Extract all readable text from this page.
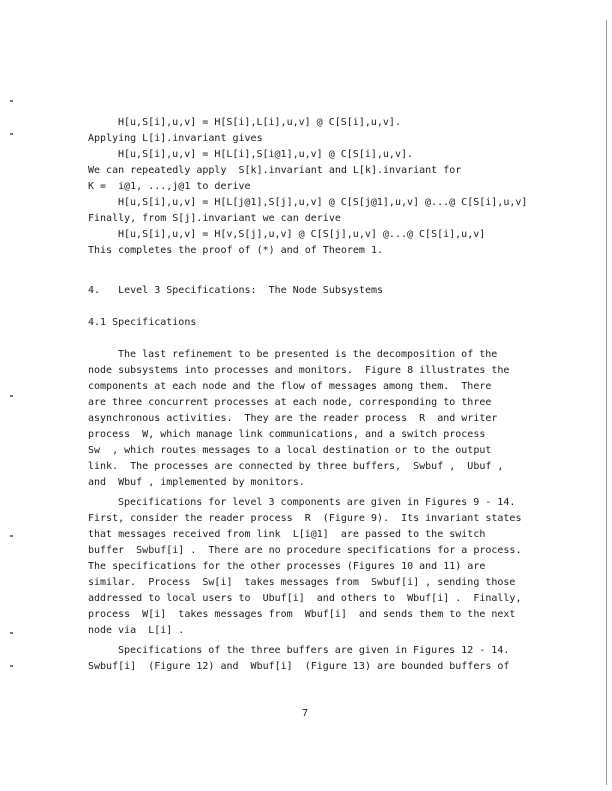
H[u,S[i],u,v] = H[S[i],L[i],u,v] @ C[S[i],u,v].

Applying L[i].invariant gives

H[u,S[i],u,v] = H[L[i],S[i@1],u,v] @ C[S[i],u,v].

We can repeatedly apply  S[k].invariant and L[k].invariant for

K =  i@1, ...,j@1 to derive

H[u,S[i],u,v] = H[L[j@1],S[j],u,v] @ C[S[j@1],u,v] @...@ C[S[i],u,v]

Finally, from S[j].invariant we can derive

H[u,S[i],u,v] = H[v,S[j],u,v] @ C[S[j],u,v] @...@ C[S[i],u,v]

This completes the proof of (*) and of Theorem 1.

4.   Level 3 Specifications:  The Node Subsystems

4.1 Specifications

The last refinement to be presented is the decomposition of the

node subsystems into processes and monitors.  Figure 8 illustrates the

components at each node and the flow of messages among them.  There

are three concurrent processes at each node, corresponding to three

asynchronous activities.  They are the reader process  R  and writer

process  W, which manage link communications, and a switch process

Sw  , which routes messages to a local destination or to the output

link.  The processes are connected by three buffers,  Swbuf ,  Ubuf ,

and  Wbuf , implemented by monitors.

Specifications for level 3 components are given in Figures 9 - 14.

First, consider the reader process  R  (Figure 9).  Its invariant states

that messages received from link  L[i@1]  are passed to the switch

buffer  Swbuf[i] .  There are no procedure specifications for a process.

The specifications for the other processes (Figures 10 and 11) are

similar.  Process  Sw[i]  takes messages from  Swbuf[i] , sending those

addressed to local users to  Ubuf[i]  and others to  Wbuf[i] .  Finally,

process  W[i]  takes messages from  Wbuf[i]  and sends them to the next

node via  L[i] .

Specifications of the three buffers are given in Figures 12 - 14.

Swbuf[i]  (Figure 12) and  Wbuf[i]  (Figure 13) are bounded buffers of

7
